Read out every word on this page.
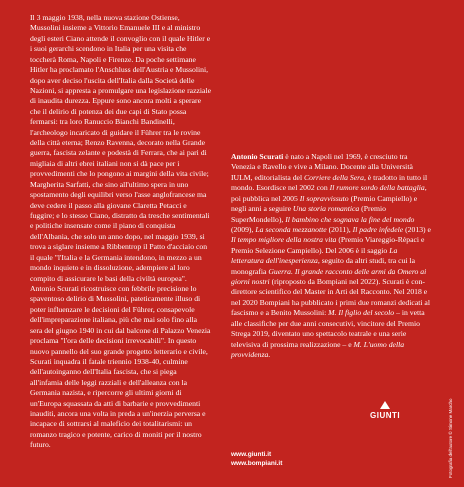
Il 3 maggio 1938, nella nuova stazione Ostiense, Mussolini insieme a Vittorio Emanuele III e al ministro degli esteri Ciano attende il convoglio con il quale Hitler e i suoi gerarchi scendono in Italia per una visita che toccherà Roma, Napoli e Firenze. Da poche settimane Hitler ha proclamato l'Anschluss dell'Austria e Mussolini, dopo aver deciso l'uscita dell'Italia dalla Società delle Nazioni, si appresta a promulgare una legislazione razziale di inaudita durezza. Eppure sono ancora molti a sperare che il delirio di potenza dei due capi di Stato possa fermarsi: tra loro Ranuccio Bianchi Bandinelli, l'archeologo incaricato di guidare il Führer tra le rovine della città eterna; Renzo Ravenna, decorato nella Grande guerra, fascista zelante e podestà di Ferrara, che ai pari di migliaia di altri ebrei italiani non si dà pace per i provvedimenti che lo pongono ai margini della vita civile; Margherita Sarfatti, che sino all'ultimo spera in uno spostamento degli equilibri verso l'asse anglofrancese ma deve cedere il passo alla giovane Claretta Petacci e fuggire; e lo stesso Ciano, distratto da tresche sentimentali e politiche insensate come il piano di conquista dell'Albania, che solo un anno dopo, nel maggio 1939, si trova a siglare insieme a Ribbentrop il Patto d'acciaio con il quale "l'Italia e la Germania intendono, in mezzo a un mondo inquieto e in dissoluzione, adempiere al loro compito di assicurare le basi della civiltà europea".

Antonio Scurati ricostruisce con febbrile precisione lo spaventoso delirio di Mussolini, pateticamente illuso di poter influenzare le decisioni del Führer, consapevole dell'impreparazione italiana, più che mai solo fino alla sera del giugno 1940 in cui dal balcone di Palazzo Venezia proclama "l'ora delle decisioni irrevocabili". In questo nuovo pannello del suo grande progetto letterario e civile, Scurati inquadra il fatale triennio 1938-40, culmine dell'autoinganno dell'Italia fascista, che si piega all'infamia delle leggi razziali e dell'alleanza con la Germania nazista, e ripercorre gli ultimi giorni di un'Europa squassata da atti di barbarie e provvedimenti inauditi, ancora una volta in preda a un'inerzia perversa e incapace di sottrarsi al maleficio dei totalitarismi: un romanzo tragico e potente, carico di moniti per il nostro futuro.

Antonio Scurati è nato a Napoli nel 1969, è cresciuto tra Venezia e Ravello e vive a Milano. Docente alla Università IULM, editorialista del Corriere della Sera, è tradotto in tutto il mondo. Esordisce nel 2002 con Il rumore sordo della battaglia, poi pubblica nel 2005 Il sopravvissuto (Premio Campiello) e negli anni a seguire Una storia romantica (Premio SuperMondello), Il bambino che sognava la fine del mondo (2009), La seconda mezzanotte (2011), Il padre infedele (2013) e Il tempo migliore della nostra vita (Premio Viareggio-Rèpaci e Premio Selezione Campiello). Del 2006 è il saggio La letteratura dell'inesperienza, seguito da altri studi, tra cui la monografia Guerra. Il grande racconto delle armi da Omero ai giorni nostri (riproposto da Bompiani nel 2022). Scurati è con-direttore scientifico del Master in Arti del Racconto. Nel 2018 e nel 2020 Bompiani ha pubblicato i primi due romanzi dedicati al fascismo e a Benito Mussolini: M. Il figlio del secolo – in vetta alle classifiche per due anni consecutivi, vincitore del Premio Strega 2019, diventato uno spettacolo teatrale e una serie televisiva di prossima realizzazione – e M. L'uomo della provvidenza.

GIUNTI
www.giunti.it
www.bompiani.it	Fotografia dell'autore © Simone Marcho
